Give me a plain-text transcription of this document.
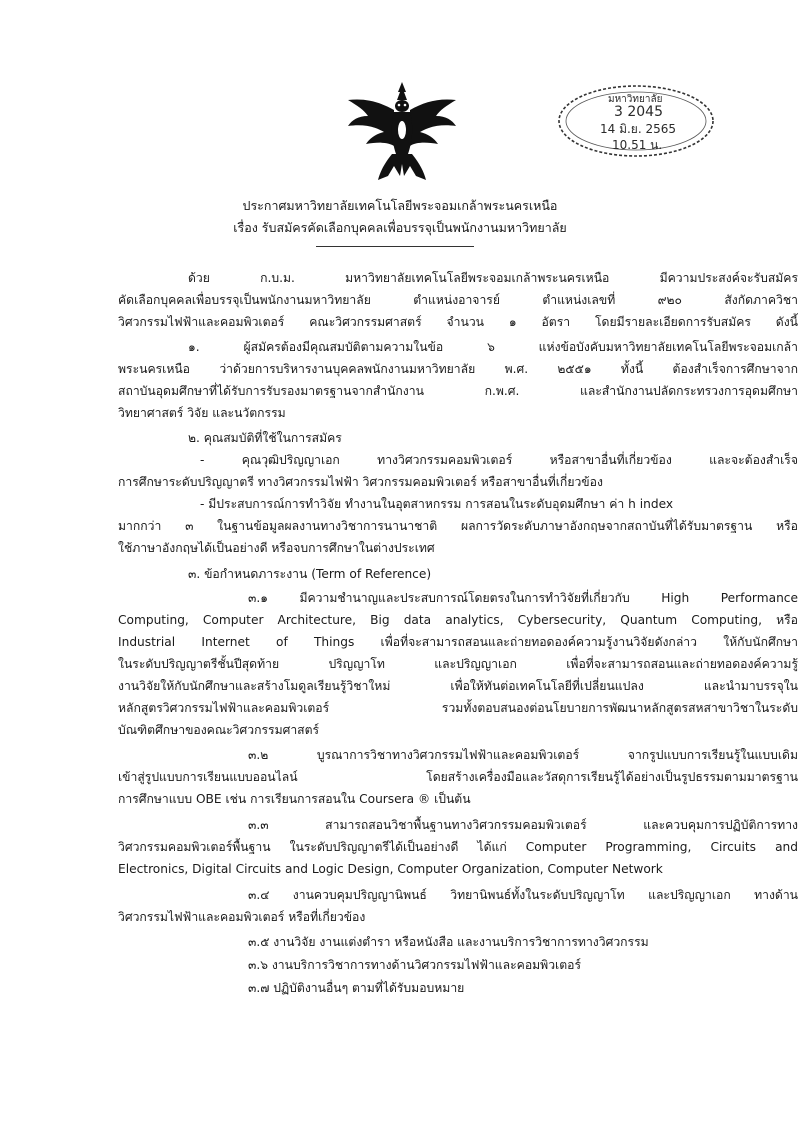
มหาวิทยาลัย
3 2045
14 มิ.ย. 2565
10.51 น.
ประกาศมหาวิทยาลัยเทคโนโลยีพระจอมเกล้าพระนครเหนือ
เรื่อง รับสมัครคัดเลือกบุคคลเพื่อบรรจุเป็นพนักงานมหาวิทยาลัย
ด้วย ก.บ.ม. มหาวิทยาลัยเทคโนโลยีพระจอมเกล้าพระนครเหนือ มีความประสงค์จะรับสมัคร
คัดเลือกบุคคลเพื่อบรรจุเป็นพนักงานมหาวิทยาลัย ตำแหน่งอาจารย์ ตำแหน่งเลขที่ ๙๒๐ สังกัดภาควิชา
วิศวกรรมไฟฟ้าและคอมพิวเตอร์ คณะวิศวกรรมศาสตร์ จำนวน ๑ อัตรา โดยมีรายละเอียดการรับสมัคร ดังนี้
๑. ผู้สมัครต้องมีคุณสมบัติตามความในข้อ ๖ แห่งข้อบังคับมหาวิทยาลัยเทคโนโลยีพระจอมเกล้า
พระนครเหนือ ว่าด้วยการบริหารงานบุคคลพนักงานมหาวิทยาลัย พ.ศ. ๒๕๕๑ ทั้งนี้ ต้องสำเร็จการศึกษาจาก
สถาบันอุดมศึกษาที่ได้รับการรับรองมาตรฐานจากสำนักงาน ก.พ.ศ. และสำนักงานปลัดกระทรวงการอุดมศึกษา
วิทยาศาสตร์ วิจัย และนวัตกรรม
๒. คุณสมบัติที่ใช้ในการสมัคร
- คุณวุฒิปริญญาเอก ทางวิศวกรรมคอมพิวเตอร์ หรือสาขาอื่นที่เกี่ยวข้อง และจะต้องสำเร็จ
การศึกษาระดับปริญญาตรี ทางวิศวกรรมไฟฟ้า วิศวกรรมคอมพิวเตอร์ หรือสาขาอื่นที่เกี่ยวข้อง
- มีประสบการณ์การทำวิจัย ทำงานในอุตสาหกรรม การสอนในระดับอุดมศึกษา ค่า h index
มากกว่า ๓ ในฐานข้อมูลผลงานทางวิชาการนานาชาติ ผลการวัดระดับภาษาอังกฤษจากสถาบันที่ได้รับมาตรฐาน หรือ
ใช้ภาษาอังกฤษได้เป็นอย่างดี หรือจบการศึกษาในต่างประเทศ
๓. ข้อกำหนดภาระงาน (Term of Reference)
๓.๑ มีความชำนาญและประสบการณ์โดยตรงในการทำวิจัยที่เกี่ยวกับ High Performance
Computing, Computer Architecture, Big data analytics, Cybersecurity, Quantum Computing, หรือ
Industrial Internet of Things เพื่อที่จะสามารถสอนและถ่ายทอดองค์ความรู้งานวิจัยดังกล่าว ให้กับนักศึกษา
ในระดับปริญญาตรีชั้นปีสุดท้าย ปริญญาโท และปริญญาเอก เพื่อที่จะสามารถสอนและถ่ายทอดองค์ความรู้
งานวิจัยให้กับนักศึกษาและสร้างโมดูลเรียนรู้วิชาใหม่ เพื่อให้ทันต่อเทคโนโลยีที่เปลี่ยนแปลง และนำมาบรรจุใน
หลักสูตรวิศวกรรมไฟฟ้าและคอมพิวเตอร์ รวมทั้งตอบสนองต่อนโยบายการพัฒนาหลักสูตรสหสาขาวิชาในระดับ
บัณฑิตศึกษาของคณะวิศวกรรมศาสตร์
๓.๒ บูรณาการวิชาทางวิศวกรรมไฟฟ้าและคอมพิวเตอร์ จากรูปแบบการเรียนรู้ในแบบเดิม
เข้าสู่รูปแบบการเรียนแบบออนไลน์ โดยสร้างเครื่องมือและวัสดุการเรียนรู้ได้อย่างเป็นรูปธรรมตามมาตรฐาน
การศึกษาแบบ OBE เช่น การเรียนการสอนใน Coursera ® เป็นต้น
๓.๓ สามารถสอนวิชาพื้นฐานทางวิศวกรรมคอมพิวเตอร์ และควบคุมการปฏิบัติการทาง
วิศวกรรมคอมพิวเตอร์พื้นฐาน ในระดับปริญญาตรีได้เป็นอย่างดี ได้แก่ Computer Programming, Circuits and
Electronics, Digital Circuits and Logic Design, Computer Organization, Computer Network
๓.๔ งานควบคุมปริญญานิพนธ์ วิทยานิพนธ์ทั้งในระดับปริญญาโท และปริญญาเอก ทางด้าน
วิศวกรรมไฟฟ้าและคอมพิวเตอร์ หรือที่เกี่ยวข้อง
๓.๕ งานวิจัย งานแต่งตำรา หรือหนังสือ และงานบริการวิชาการทางวิศวกรรม
๓.๖ งานบริการวิชาการทางด้านวิศวกรรมไฟฟ้าและคอมพิวเตอร์
๓.๗ ปฏิบัติงานอื่นๆ ตามที่ได้รับมอบหมาย
